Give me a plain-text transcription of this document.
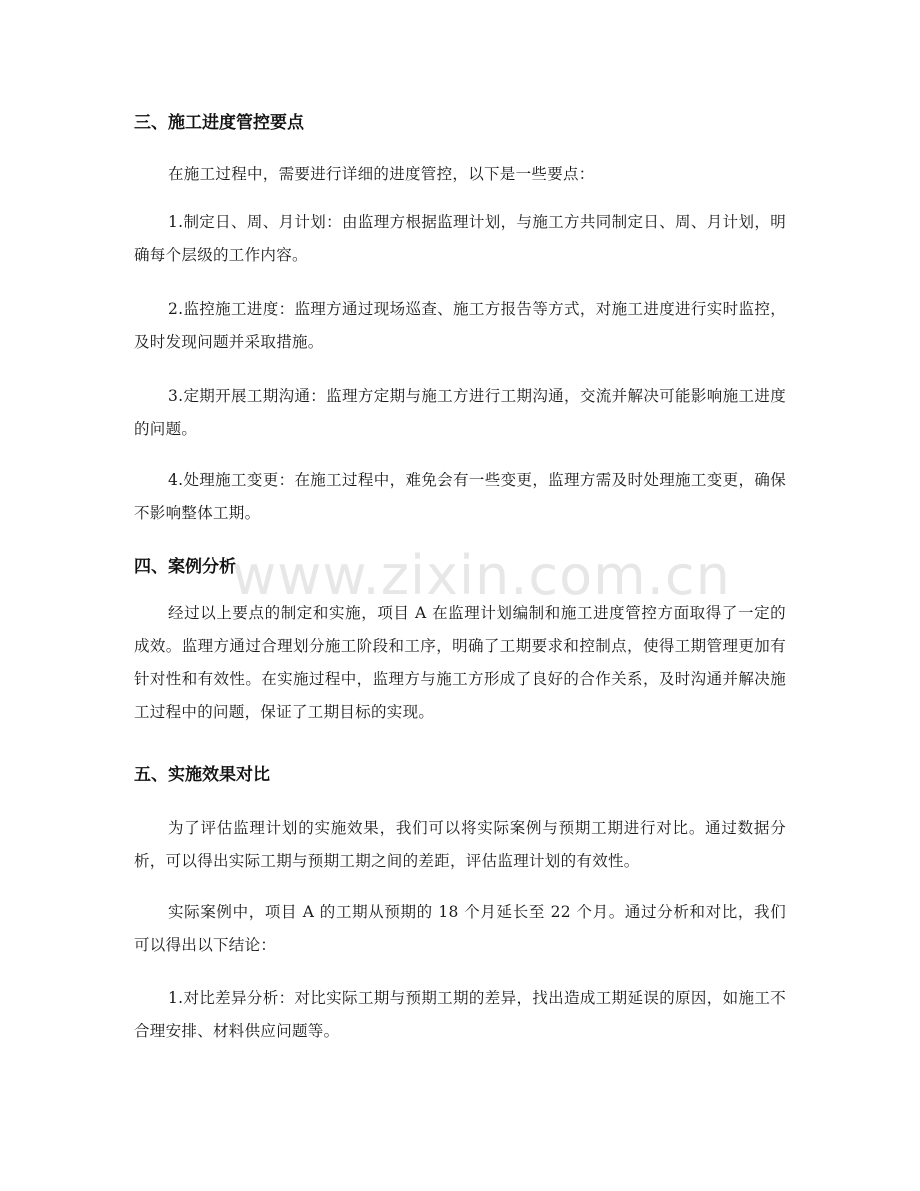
三、施工进度管控要点
在施工过程中，需要进行详细的进度管控，以下是一些要点：
1.制定日、周、月计划：由监理方根据监理计划，与施工方共同制定日、周、月计划，明确每个层级的工作内容。
2.监控施工进度：监理方通过现场巡查、施工方报告等方式，对施工进度进行实时监控，及时发现问题并采取措施。
3.定期开展工期沟通：监理方定期与施工方进行工期沟通，交流并解决可能影响施工进度的问题。
4.处理施工变更：在施工过程中，难免会有一些变更，监理方需及时处理施工变更，确保不影响整体工期。
四、案例分析
经过以上要点的制定和实施，项目 A 在监理计划编制和施工进度管控方面取得了一定的成效。监理方通过合理划分施工阶段和工序，明确了工期要求和控制点，使得工期管理更加有针对性和有效性。在实施过程中，监理方与施工方形成了良好的合作关系，及时沟通并解决施工过程中的问题，保证了工期目标的实现。
五、实施效果对比
为了评估监理计划的实施效果，我们可以将实际案例与预期工期进行对比。通过数据分析，可以得出实际工期与预期工期之间的差距，评估监理计划的有效性。
实际案例中，项目 A 的工期从预期的 18 个月延长至 22 个月。通过分析和对比，我们可以得出以下结论：
1.对比差异分析：对比实际工期与预期工期的差异，找出造成工期延误的原因，如施工不合理安排、材料供应问题等。
www.zixin.com.cn
